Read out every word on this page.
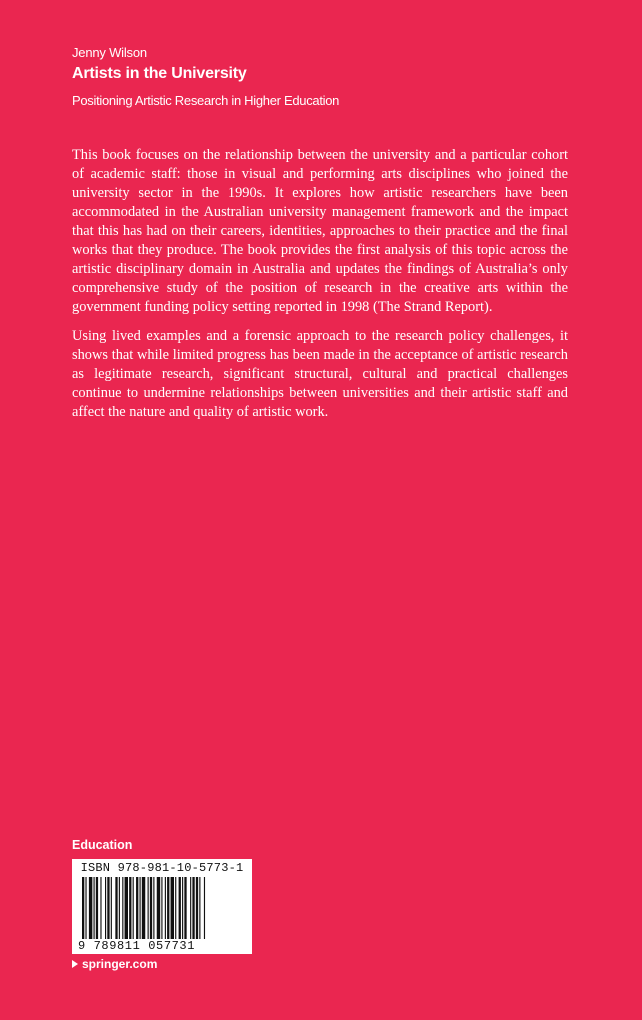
Jenny Wilson
Artists in the University
Positioning Artistic Research in Higher Education

This book focuses on the relationship between the university and a particular cohort of academic staff: those in visual and performing arts disciplines who joined the university sector in the 1990s. It explores how artistic researchers have been accommodated in the Australian university management framework and the impact that this has had on their careers, identities, approaches to their practice and the final works that they produce. The book provides the first analysis of this topic across the artistic disciplinary domain in Australia and updates the findings of Australia’s only comprehensive study of the position of research in the creative arts within the government funding policy setting reported in 1998 (The Strand Report).

Using lived examples and a forensic approach to the research policy challenges, it shows that while limited progress has been made in the acceptance of artistic research as legitimate research, significant structural, cultural and practical challenges continue to undermine relationships between universities and their artistic staff and affect the nature and quality of artistic work.

Education
ISBN 978-981-10-5773-1
9 789811 057731
springer.com
